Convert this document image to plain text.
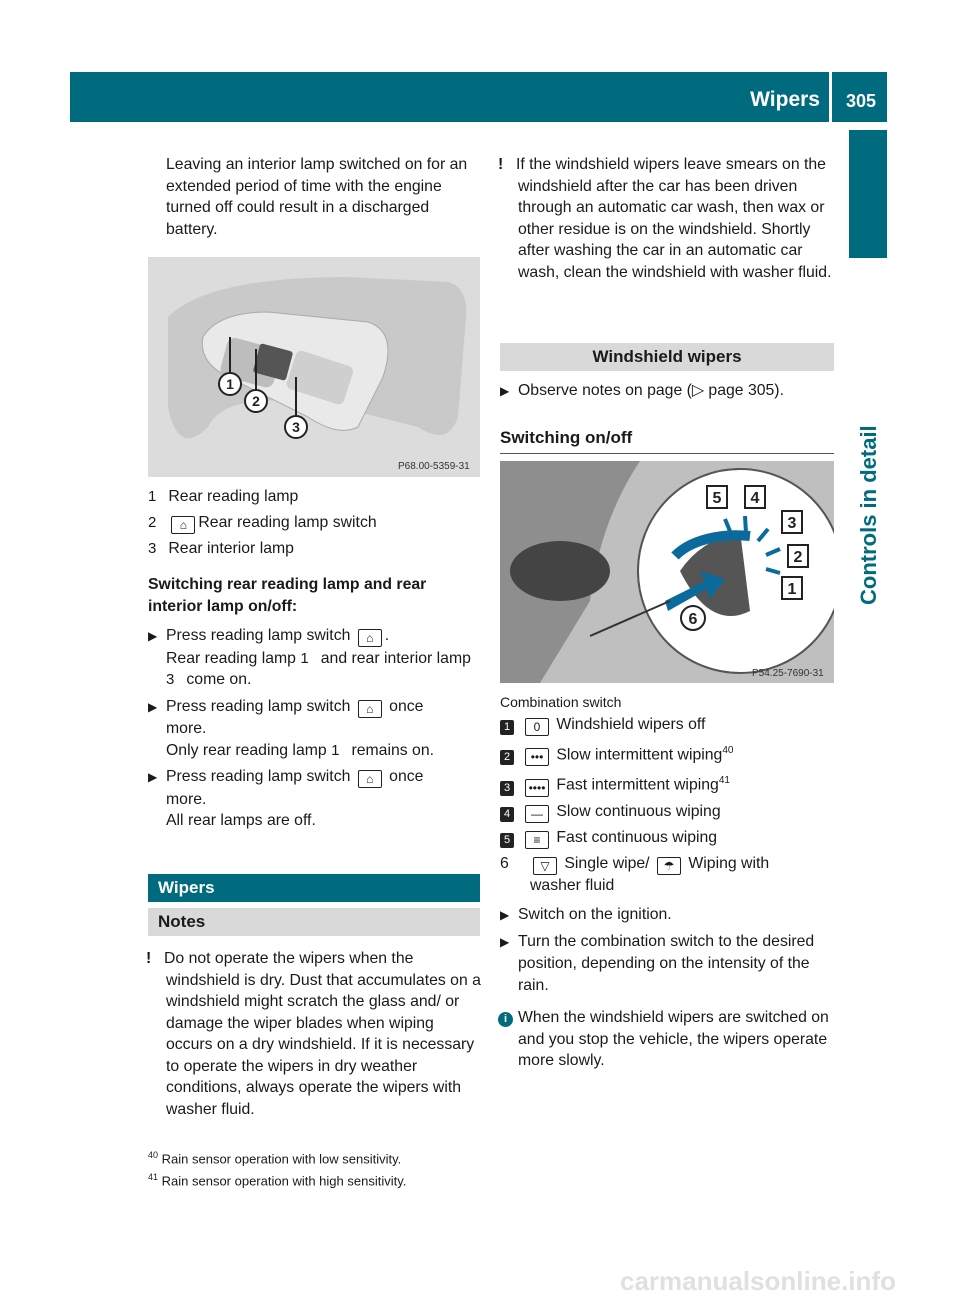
Wipers	305
Controls in detail
Leaving an interior lamp switched on for an extended period of time with the engine turned off could result in a discharged battery.
1
2
3
P68.00-5359-31
1 Rear reading lamp
2 ⌂ Rear reading lamp switch
3 Rear interior lamp
Switching rear reading lamp and rear interior lamp on/off:
▶ Press reading lamp switch ⌂ .
Rear reading lamp 1 and rear interior lamp
3 come on.
▶ Press reading lamp switch ⌂ once
more.
Only rear reading lamp 1 remains on.
▶ Press reading lamp switch ⌂ once
more.
All rear lamps are off.
Wipers
Notes
! Do not operate the wipers when the windshield is dry. Dust that accumulates on a windshield might scratch the glass and/ or damage the wiper blades when wiping occurs on a dry windshield. If it is necessary to operate the wipers in dry weather conditions, always operate the wipers with washer fluid.
! If the windshield wipers leave smears on the windshield after the car has been driven through an automatic car wash, then wax or other residue is on the windshield. Shortly after washing the car in an automatic car wash, clean the windshield with washer fluid.
Windshield wipers
▶ Observe notes on page (▷ page 305).
Switching on/off
5 4
3
2
1
6
P54.25-7690-31
Combination switch
1 0 Windshield wipers off
2 ••• Slow intermittent wiping$^{40}$
3 •••• Fast intermittent wiping$^{41}$
4 — Slow continuous wiping
5 ≡ Fast continuous wiping
6	▽ Single wipe/ ☂ Wiping with
washer fluid
▶ Switch on the ignition.
▶ Turn the combination switch to the desired position, depending on the intensity of the rain.
i When the windshield wipers are switched on and you stop the vehicle, the wipers operate more slowly.
$^{40}$ Rain sensor operation with low sensitivity.
$^{41}$ Rain sensor operation with high sensitivity.
carmanualsonline.info
